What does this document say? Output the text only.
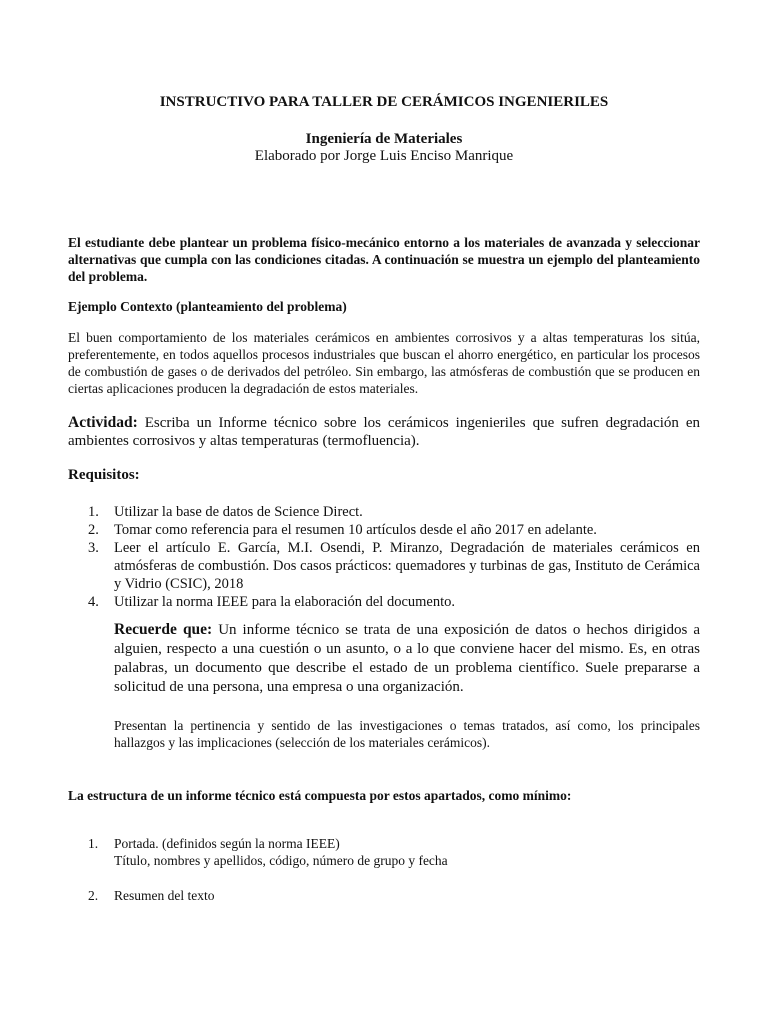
INSTRUCTIVO PARA TALLER DE CERÁMICOS INGENIERILES
Ingeniería de Materiales
Elaborado por Jorge Luis Enciso Manrique
El estudiante debe plantear un problema físico-mecánico entorno a los materiales de avanzada y seleccionar alternativas que cumpla con las condiciones citadas. A continuación se muestra un ejemplo del planteamiento del problema.
Ejemplo Contexto (planteamiento del problema)
El buen comportamiento de los materiales cerámicos en ambientes corrosivos y a altas temperaturas los sitúa, preferentemente, en todos aquellos procesos industriales que buscan el ahorro energético, en particular los procesos de combustión de gases o de derivados del petróleo. Sin embargo, las atmósferas de combustión que se producen en ciertas aplicaciones producen la degradación de estos materiales.
Actividad: Escriba un Informe técnico sobre los cerámicos ingenieriles que sufren degradación en ambientes corrosivos y altas temperaturas (termofluencia).
Requisitos:
1. Utilizar la base de datos de Science Direct.
2. Tomar como referencia para el resumen 10 artículos desde el año 2017 en adelante.
3. Leer el artículo E. García, M.I. Osendi, P. Miranzo, Degradación de materiales cerámicos en atmósferas de combustión. Dos casos prácticos: quemadores y turbinas de gas, Instituto de Cerámica y Vidrio (CSIC), 2018
4. Utilizar la norma IEEE para la elaboración del documento.
Recuerde que: Un informe técnico se trata de una exposición de datos o hechos dirigidos a alguien, respecto a una cuestión o un asunto, o a lo que conviene hacer del mismo. Es, en otras palabras, un documento que describe el estado de un problema científico. Suele prepararse a solicitud de una persona, una empresa o una organización.
Presentan la pertinencia y sentido de las investigaciones o temas tratados, así como, los principales hallazgos y las implicaciones (selección de los materiales cerámicos).
La estructura de un informe técnico está compuesta por estos apartados, como mínimo:
1. Portada. (definidos según la norma IEEE)
Título, nombres y apellidos, código, número de grupo y fecha
2. Resumen del texto
